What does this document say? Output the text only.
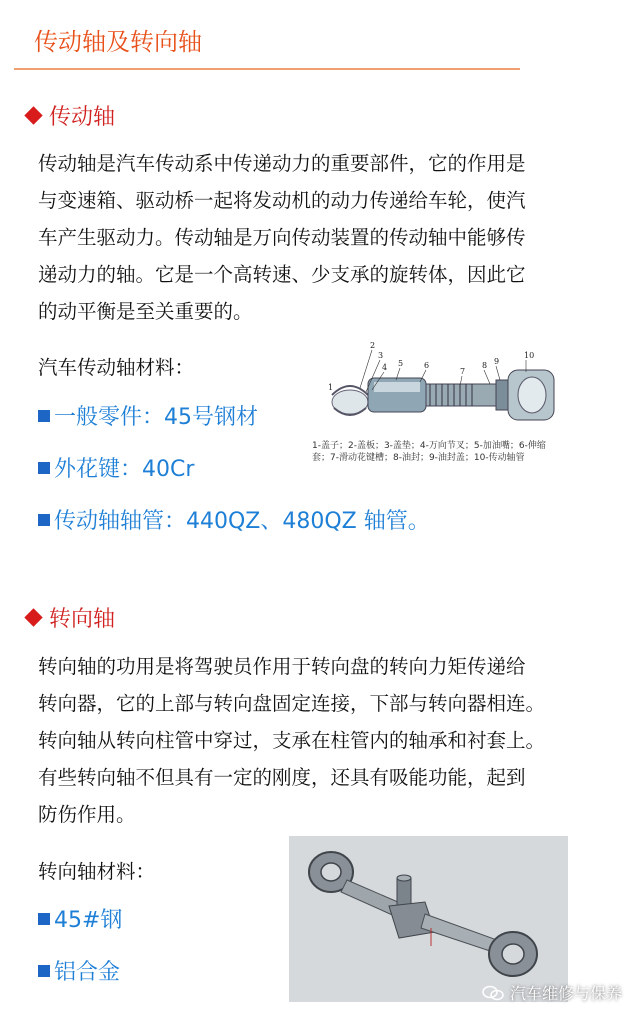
传动轴及转向轴
传动轴
传动轴是汽车传动系中传递动力的重要部件，它的作用是
与变速箱、驱动桥一起将发动机的动力传递给车轮，使汽
车产生驱动力。传动轴是万向传动装置的传动轴中能够传
递动力的轴。它是一个高转速、少支承的旋转体，因此它
的动平衡是至关重要的。
汽车传动轴材料：
一般零件：45号钢材
外花键：40Cr
传动轴轴管：440QZ、480QZ 轴管。
1
2
3
4 5	6
7
8 9
10
1-盖子；2-盖板；3-盖垫；4-万向节叉；5-加油嘴；6-伸缩
套；7-滑动花键槽；8-油封；9-油封盖；10-传动轴管
转向轴
转向轴的功用是将驾驶员作用于转向盘的转向力矩传递给
转向器，它的上部与转向盘固定连接，下部与转向器相连。
转向轴从转向柱管中穿过，支承在柱管内的轴承和衬套上。
有些转向轴不但具有一定的刚度，还具有吸能功能，起到
防伤作用。
转向轴材料：
45#钢
铝合金
汽车维修与保养
